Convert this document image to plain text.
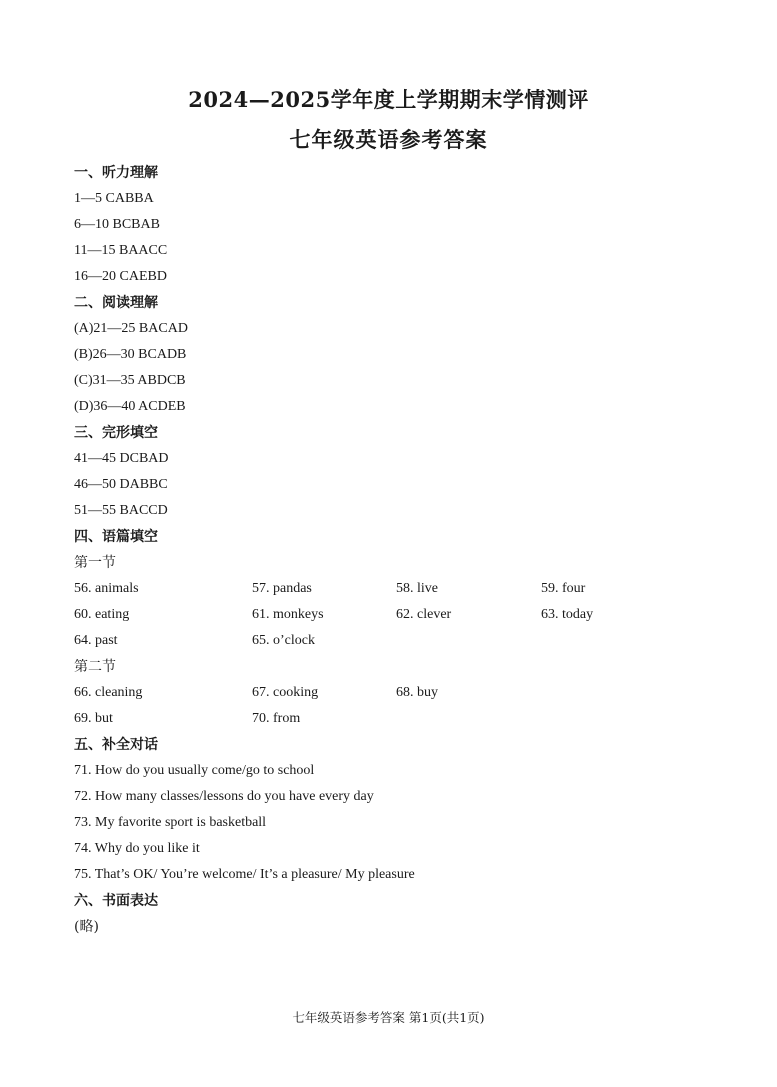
2024—2025学年度上学期期末学情测评
七年级英语参考答案
一、听力理解
1—5 CABBA
6—10 BCBAB
11—15 BAACC
16—20 CAEBD
二、阅读理解
(A)21—25 BACAD
(B)26—30 BCADB
(C)31—35 ABDCB
(D)36—40 ACDEB
三、完形填空
41—45 DCBAD
46—50 DABBC
51—55 BACCD
四、语篇填空
第一节
56. animals	57. pandas	58. live	59. four
60. eating	61. monkeys	62. clever	63. today
64. past	65. o’clock
第二节
66. cleaning	67. cooking	68. buy
69. but	70. from
五、补全对话
71. How do you usually come/go to school
72. How many classes/lessons do you have every day
73. My favorite sport is basketball
74. Why do you like it
75. That’s OK/ You’re welcome/ It’s a pleasure/ My pleasure
六、书面表达
(略)
七年级英语参考答案 第1页(共1页)
